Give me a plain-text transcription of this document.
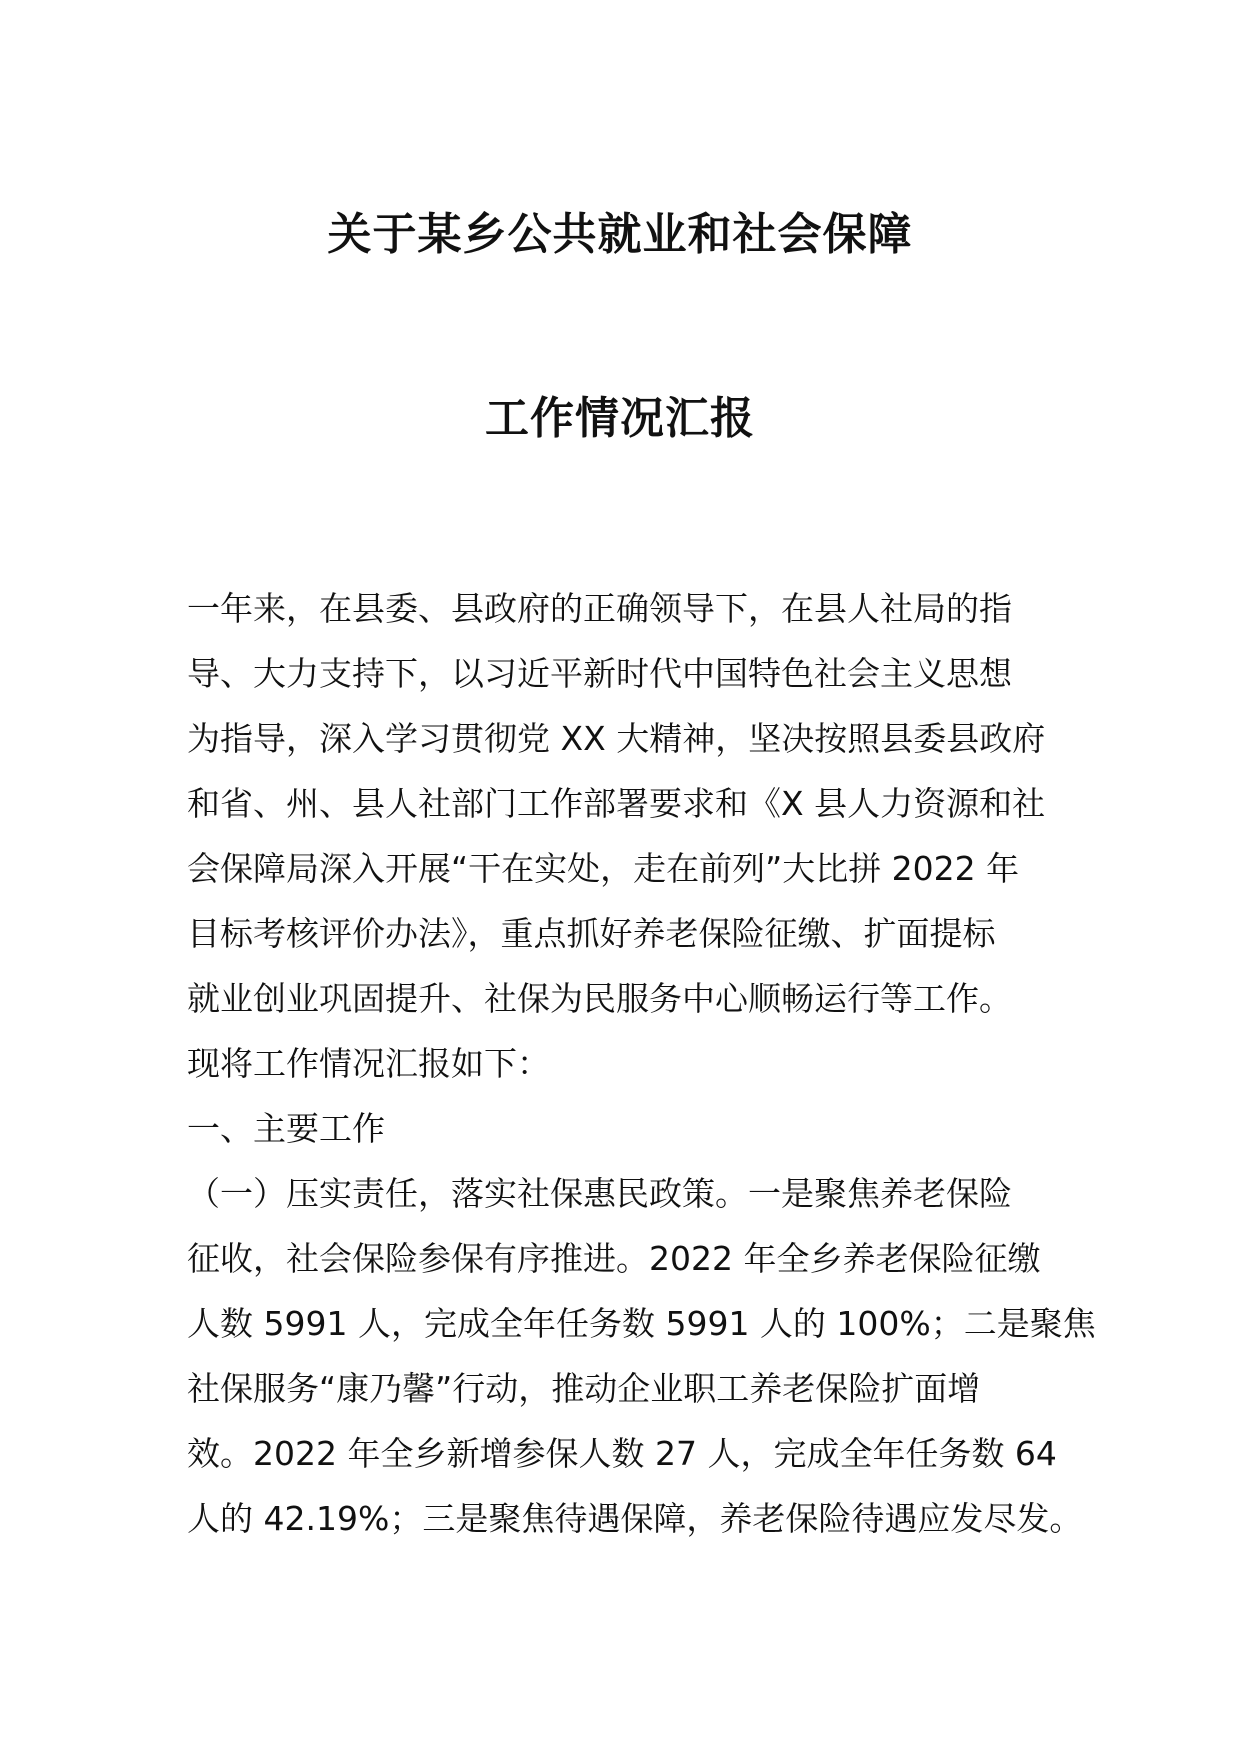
关于某乡公共就业和社会保障
工作情况汇报
一年来，在县委、县政府的正确领导下，在县人社局的指
导、大力支持下，以习近平新时代中国特色社会主义思想
为指导，深入学习贯彻党 XX 大精神，坚决按照县委县政府
和省、州、县人社部门工作部署要求和《X 县人力资源和社
会保障局深入开展“干在实处，走在前列”大比拼 2022 年
目标考核评价办法》，重点抓好养老保险征缴、扩面提标
就业创业巩固提升、社保为民服务中心顺畅运行等工作。
现将工作情况汇报如下：
一、主要工作
（一）压实责任，落实社保惠民政策。一是聚焦养老保险
征收，社会保险参保有序推进。2022 年全乡养老保险征缴
人数 5991 人，完成全年任务数 5991 人的 100%；二是聚焦
社保服务“康乃馨”行动，推动企业职工养老保险扩面增
效。2022 年全乡新增参保人数 27 人，完成全年任务数 64
人的 42.19%；三是聚焦待遇保障，养老保险待遇应发尽发。
